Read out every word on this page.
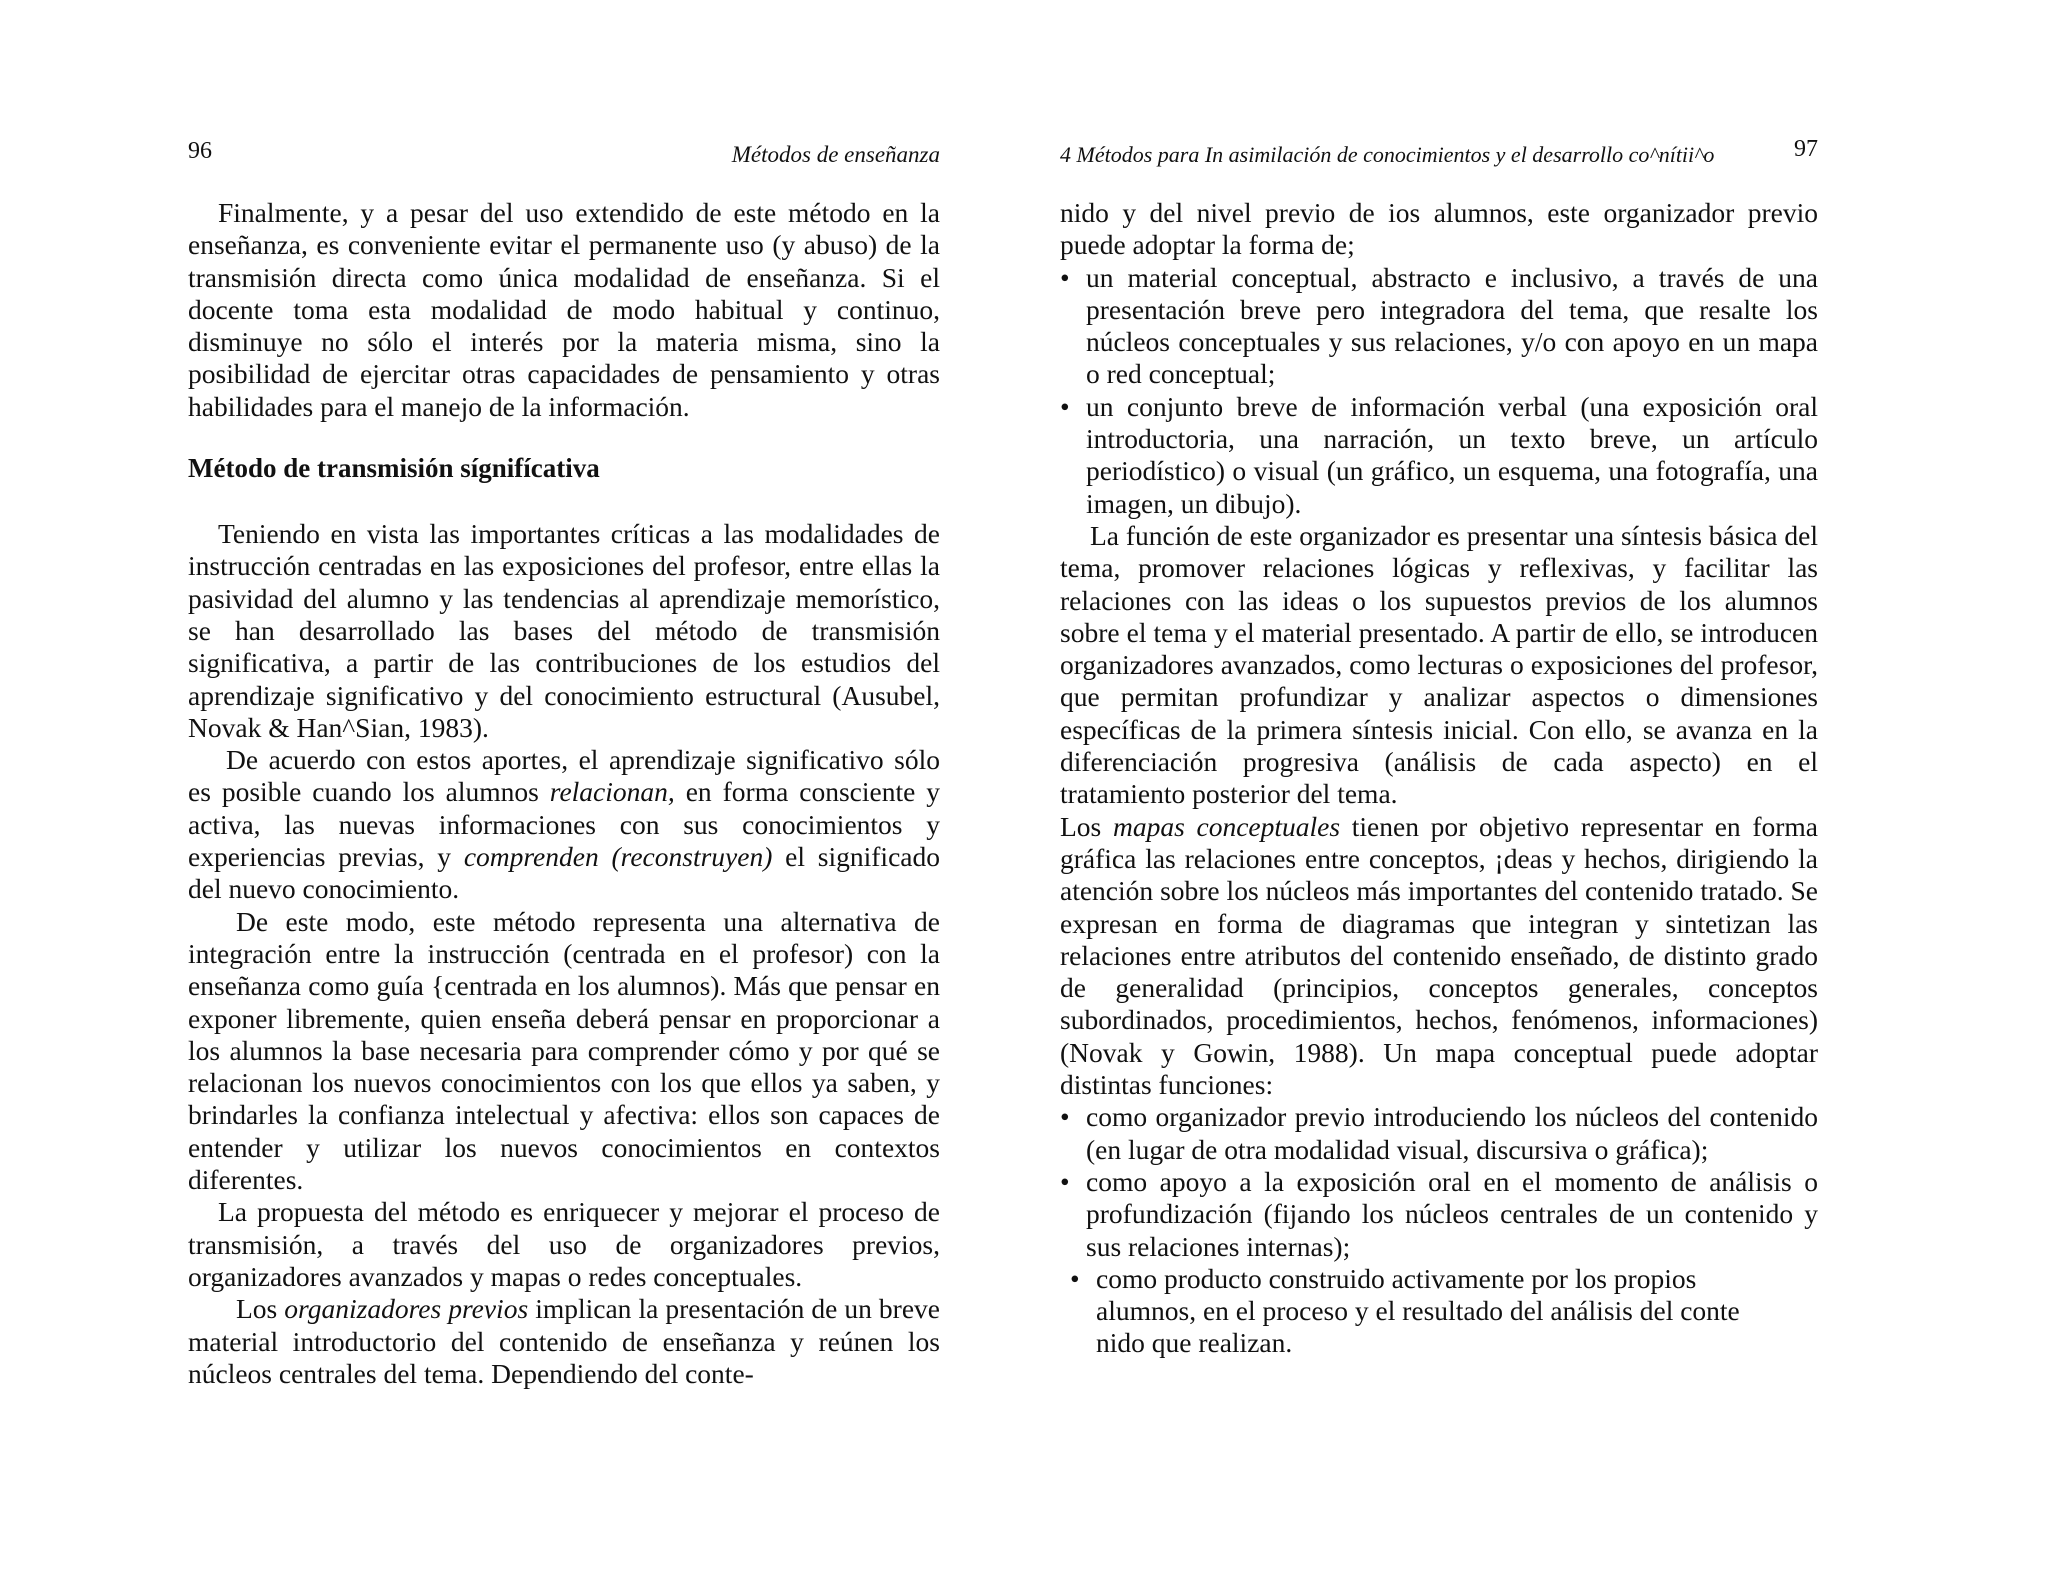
96	Métodos de enseñanza

Finalmente, y a pesar del uso extendido de este método en la enseñanza, es conveniente evitar el permanente uso (y abuso) de la transmisión directa como única modalidad de enseñanza. Si el docente toma esta modalidad de modo habitual y continuo, disminuye no sólo el interés por la materia misma, sino la posibilidad de ejercitar otras capacidades de pensamiento y otras habilidades para el manejo de la información.

Método de transmisión sígnifícativa

Teniendo en vista las importantes críticas a las modalidades de instrucción centradas en las exposiciones del profesor, entre ellas la pasividad del alumno y las tendencias al aprendizaje memorístico, se han desarrollado las bases del método de transmisión significativa, a partir de las contribuciones de los estudios del aprendizaje significativo y del conocimiento estructural (Ausubel, Novak & Han^Sian, 1983).

De acuerdo con estos aportes, el aprendizaje significativo sólo es posible cuando los alumnos relacionan, en forma consciente y activa, las nuevas informaciones con sus conocimientos y experiencias previas, y comprenden (reconstruyen) el significado del nuevo conocimiento.

De este modo, este método representa una alternativa de integración entre la instrucción (centrada en el profesor) con la enseñanza como guía {centrada en los alumnos). Más que pensar en exponer libremente, quien enseña deberá pensar en proporcionar a los alumnos la base necesaria para comprender cómo y por qué se relacionan los nuevos conocimientos con los que ellos ya saben, y brindarles la confianza intelectual y afectiva: ellos son capaces de entender y utilizar los nuevos conocimientos en contextos diferentes.

La propuesta del método es enriquecer y mejorar el proceso de transmisión, a través del uso de organizadores previos, organizadores avanzados y mapas o redes conceptuales.

Los organizadores previos implican la presentación de un breve material introductorio del contenido de enseñanza y reúnen los núcleos centrales del tema. Dependiendo del conte-

4 Métodos para In asimilación de conocimientos y el desarrollo co^nítii^o	97

nido y del nivel previo de ios alumnos, este organizador previo puede adoptar la forma de;

• un material conceptual, abstracto e inclusivo, a través de una presentación breve pero integradora del tema, que resalte los núcleos conceptuales y sus relaciones, y/o con apoyo en un mapa o red conceptual;
• un conjunto breve de información verbal (una exposición oral introductoria, una narración, un texto breve, un artículo periodístico) o visual (un gráfico, un esquema, una fotografía, una imagen, un dibujo).

La función de este organizador es presentar una síntesis básica del tema, promover relaciones lógicas y reflexivas, y facilitar las relaciones con las ideas o los supuestos previos de los alumnos sobre el tema y el material presentado. A partir de ello, se introducen organizadores avanzados, como lecturas o exposiciones del profesor, que permitan profundizar y analizar aspectos o dimensiones específicas de la primera síntesis inicial. Con ello, se avanza en la diferenciación progresiva (análisis de cada aspecto) en el tratamiento posterior del tema.

Los mapas conceptuales tienen por objetivo representar en forma gráfica las relaciones entre conceptos, ¡deas y hechos, dirigiendo la atención sobre los núcleos más importantes del contenido tratado. Se expresan en forma de diagramas que integran y sintetizan las relaciones entre atributos del contenido enseñado, de distinto grado de generalidad (principios, conceptos generales, conceptos subordinados, procedimientos, hechos, fenómenos, informaciones) (Novak y Gowin, 1988). Un mapa conceptual puede adoptar distintas funciones:

• como organizador previo introduciendo los núcleos del contenido (en lugar de otra modalidad visual, discursiva o gráfica);
• como apoyo a la exposición oral en el momento de análisis o profundización (fijando los núcleos centrales de un contenido y sus relaciones internas);
• como producto construido activamente por los propios
alumnos, en el proceso y el resultado del análisis del conte
nido que realizan.
